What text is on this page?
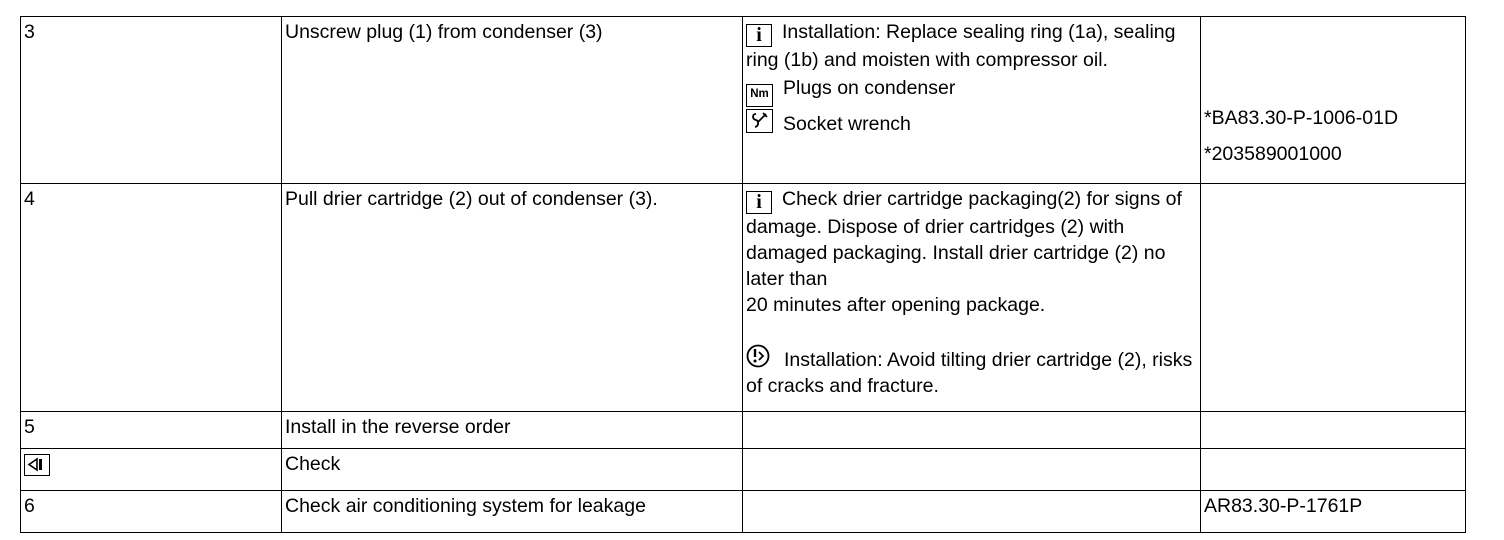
3	Unscrew plug (1) from condenser (3)	i Installation: Replace sealing ring (1a), sealing ring (1b) and moisten with compressor oil.
Nm Plugs on condenser
Socket wrench	*BA83.30-P-1006-01D
*203589001000

4	Pull drier cartridge (2) out of condenser (3).	i Check drier cartridge packaging(2) for signs of damage. Dispose of drier cartridges (2) with damaged packaging. Install drier cartridge (2) no later than
20 minutes after opening package.
Installation: Avoid tilting drier cartridge (2), risks of cracks and fracture.	

5	Install in the reverse order		

	Check		
6	Check air conditioning system for leakage		AR83.30-P-1761P
